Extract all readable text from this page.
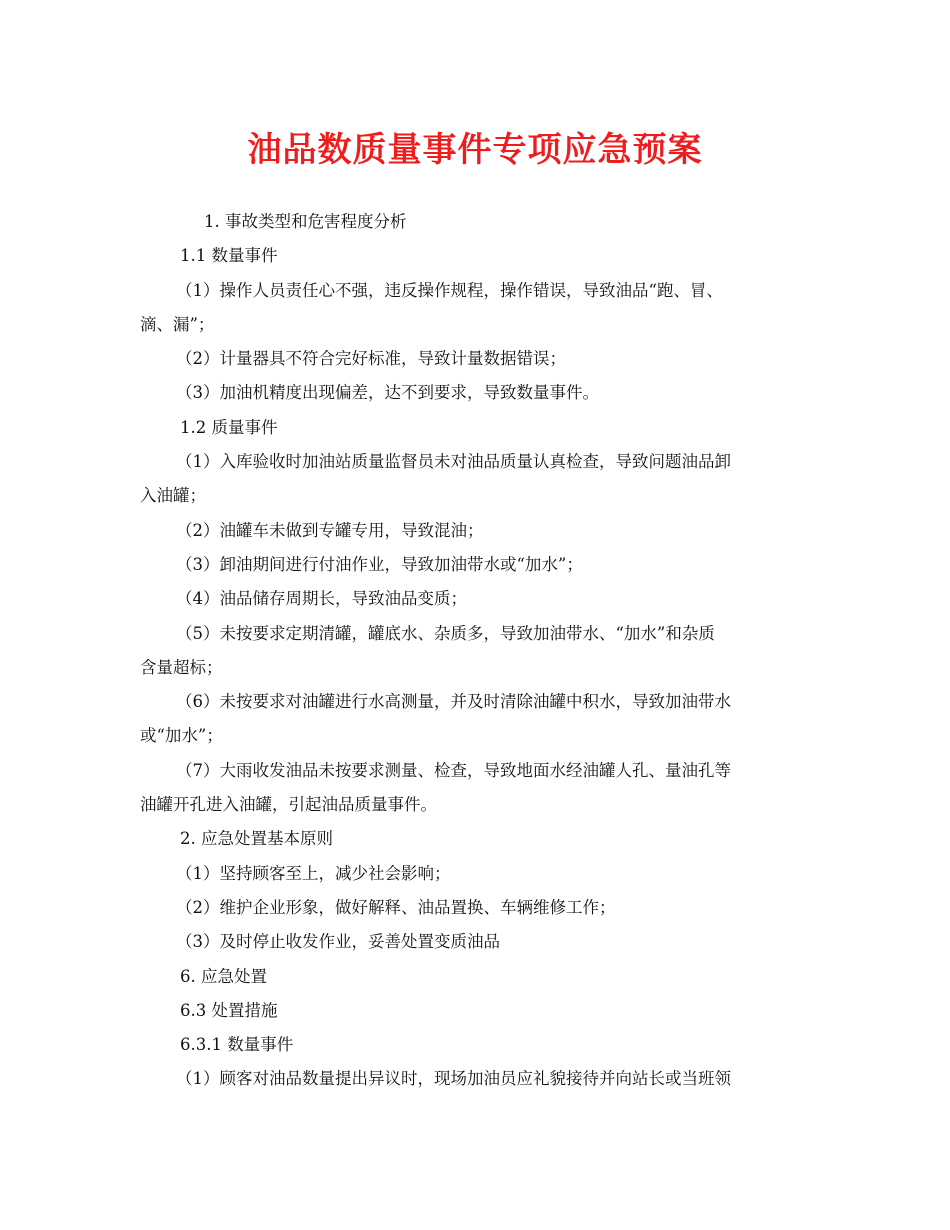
油品数质量事件专项应急预案

1. 事故类型和危害程度分析

1.1 数量事件

（1）操作人员责任心不强，违反操作规程，操作错误，导致油品“跑、冒、

滴、漏”；

（2）计量器具不符合完好标准，导致计量数据错误；

（3）加油机精度出现偏差，达不到要求，导致数量事件。

1.2 质量事件

（1）入库验收时加油站质量监督员未对油品质量认真检查，导致问题油品卸

入油罐；

（2）油罐车未做到专罐专用，导致混油；

（3）卸油期间进行付油作业，导致加油带水或“加水”；

（4）油品储存周期长，导致油品变质；

（5）未按要求定期清罐，罐底水、杂质多，导致加油带水、“加水”和杂质

含量超标；

（6）未按要求对油罐进行水高测量，并及时清除油罐中积水，导致加油带水

或“加水”；

（7）大雨收发油品未按要求测量、检查，导致地面水经油罐人孔、量油孔等

油罐开孔进入油罐，引起油品质量事件。

2. 应急处置基本原则

（1）坚持顾客至上，减少社会影响；

（2）维护企业形象，做好解释、油品置换、车辆维修工作；

（3）及时停止收发作业，妥善处置变质油品

6. 应急处置

6.3 处置措施

6.3.1 数量事件

（1）顾客对油品数量提出异议时，现场加油员应礼貌接待并向站长或当班领
